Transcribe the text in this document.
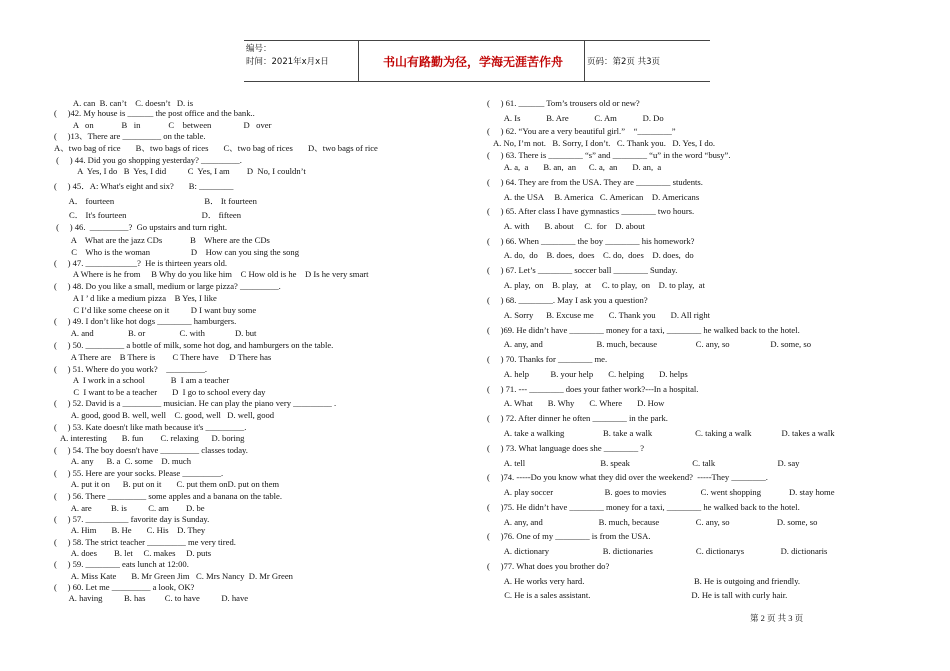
编号：
时间：2021年x月x日	书山有路勤为径，学海无涯苦作舟	页码：第2页 共3页
A. can  B. can’t    C. doesn’t   D. is
(     )42. My house is ______ the post office and the bank..
A   on             B   in             C    between               D   over
(     )13、There are _________ on the table.
A、two bag of rice       B、two bags of rices       C、two bag of rices       D、two bags of rice
(     ) 44. Did you go shopping yesterday? _________.
A  Yes, I do   B  Yes, I did          C  Yes, I am        D  No, I couldn’t
(     ) 45．A: What's eight and six?       B: ________
A． fourteen                                          B． It fourteen
C． It's fourteen                                   D． fifteen
(     ) 46.  _________?  Go upstairs and turn right.
A    What are the jazz CDs             B    Where are the CDs
C    Who is the woman                   D    How can you sing the song
(     ) 47. ____________?  He is thirteen years old.
A Where is he from     B Why do you like him    C How old is he    D Is he very smart
(     ) 48. Do you like a small, medium or large pizza? _________.
A I ’ d like a medium pizza    B Yes, I like
C I’d like some cheese on it          D I want buy some
(     ) 49. I don’t like hot dogs ________ hamburgers.
A. and                B. or                C. with              D. but
(     ) 50. _________ a bottle of milk, some hot dog, and hamburgers on the table.
A There are    B There is        C There have     D There has
(     ) 51. Where do you work?    _________.
A  I work in a school            B  I am a teacher
C  I want to be a teacher       D  I go to school every day
(     ) 52. David is a _________ musician. He can play the piano very _________ .
A. good, good B. well, well    C. good, well   D. well, good
(     ) 53. Kate doesn't like math because it's _________.
A. interesting       B. fun        C. relaxing      D. boring
(     ) 54. The boy doesn't have _________ classes today.
A. any      B. a  C. some    D. much
(     ) 55. Here are your socks. Please _________.
A. put it on      B. put on it       C. put them onD. put on them
(     ) 56. There _________ some apples and a banana on the table.
A. are         B. is          C. am        D. be
(     ) 57. __________ favorite day is Sunday.
A. Him       B. He       C. His    D. They
(     ) 58. The strict teacher _________ me very tired.
A. does        B. let     C. makes     D. puts
(     ) 59. ________ eats lunch at 12:00.
A. Miss Kate       B. Mr Green Jim   C. Mrs Nancy  D. Mr Green
(     ) 60. Let me _________ a look, OK?
A. having          B. has         C. to have          D. have
(     ) 61. ______ Tom’s trousers old or new?
A. Is            B. Are            C. Am            D. Do
(     ) 62. “You are a very beautiful girl.”    “________”
A. No, I’m not.   B. Sorry, I don’t.   C. Thank you.   D. Yes, I do.
(     ) 63. There is ________ “s” and ________ “u” in the word “busy”.
A. a,  a       B. an,  an      C. a,  an       D. an,  a
(     ) 64. They are from the USA. They are ________ students.
A. the USA     B. America   C. American    D. Americans
(     ) 65. After class I have gymnastics ________ two hours.
A. with       B. about     C.  for    D. about
(     ) 66. When ________ the boy ________ his homework?
A. do,  do    B. does,  does    C. do,  does    D. does,  do
(     ) 67. Let’s ________ soccer ball ________ Sunday.
A. play,  on    B. play,   at     C. to play,  on    D. to play,  at
(     ) 68. ________. May I ask you a question?
A. Sorry      B. Excuse me       C. Thank you       D. All right
(     )69. He didn’t have ________ money for a taxi, ________ he walked back to the hotel.
A. any, and                         B. much, because                  C. any, so                   D. some, so
(     ) 70. Thanks for ________ me.
A. help          B. your help       C. helping       D. helps
(     ) 71. --- ________ does your father work?---In a hospital.
A. What       B. Why       C. Where       D. How
(     ) 72. After dinner he often ________ in the park.
A. take a walking                  B. take a walk                    C. taking a walk              D. takes a walk
(     ) 73. What language does she ________ ?
A. tell                                   B. speak                             C. talk                             D. say
(     )74. -----Do you know what they did over the weekend?  -----They ________.
A. play soccer                        B. goes to movies                C. went shopping             D. stay home
(     )75. He didn’t have ________ money for a taxi, ________ he walked back to the hotel.
A. any, and                          B. much, because                 C. any, so                      D. some, so
(     )76. One of my ________ is from the USA.
A. dictionary                         B. dictionaries                    C. dictionarys                 D. dictionaris
(     )77. What does you brother do?
A. He works very hard.                                                   B. He is outgoing and friendly.
C. He is a sales assistant.                                               D. He is tall with curly hair.
第 2 页 共 3 页
